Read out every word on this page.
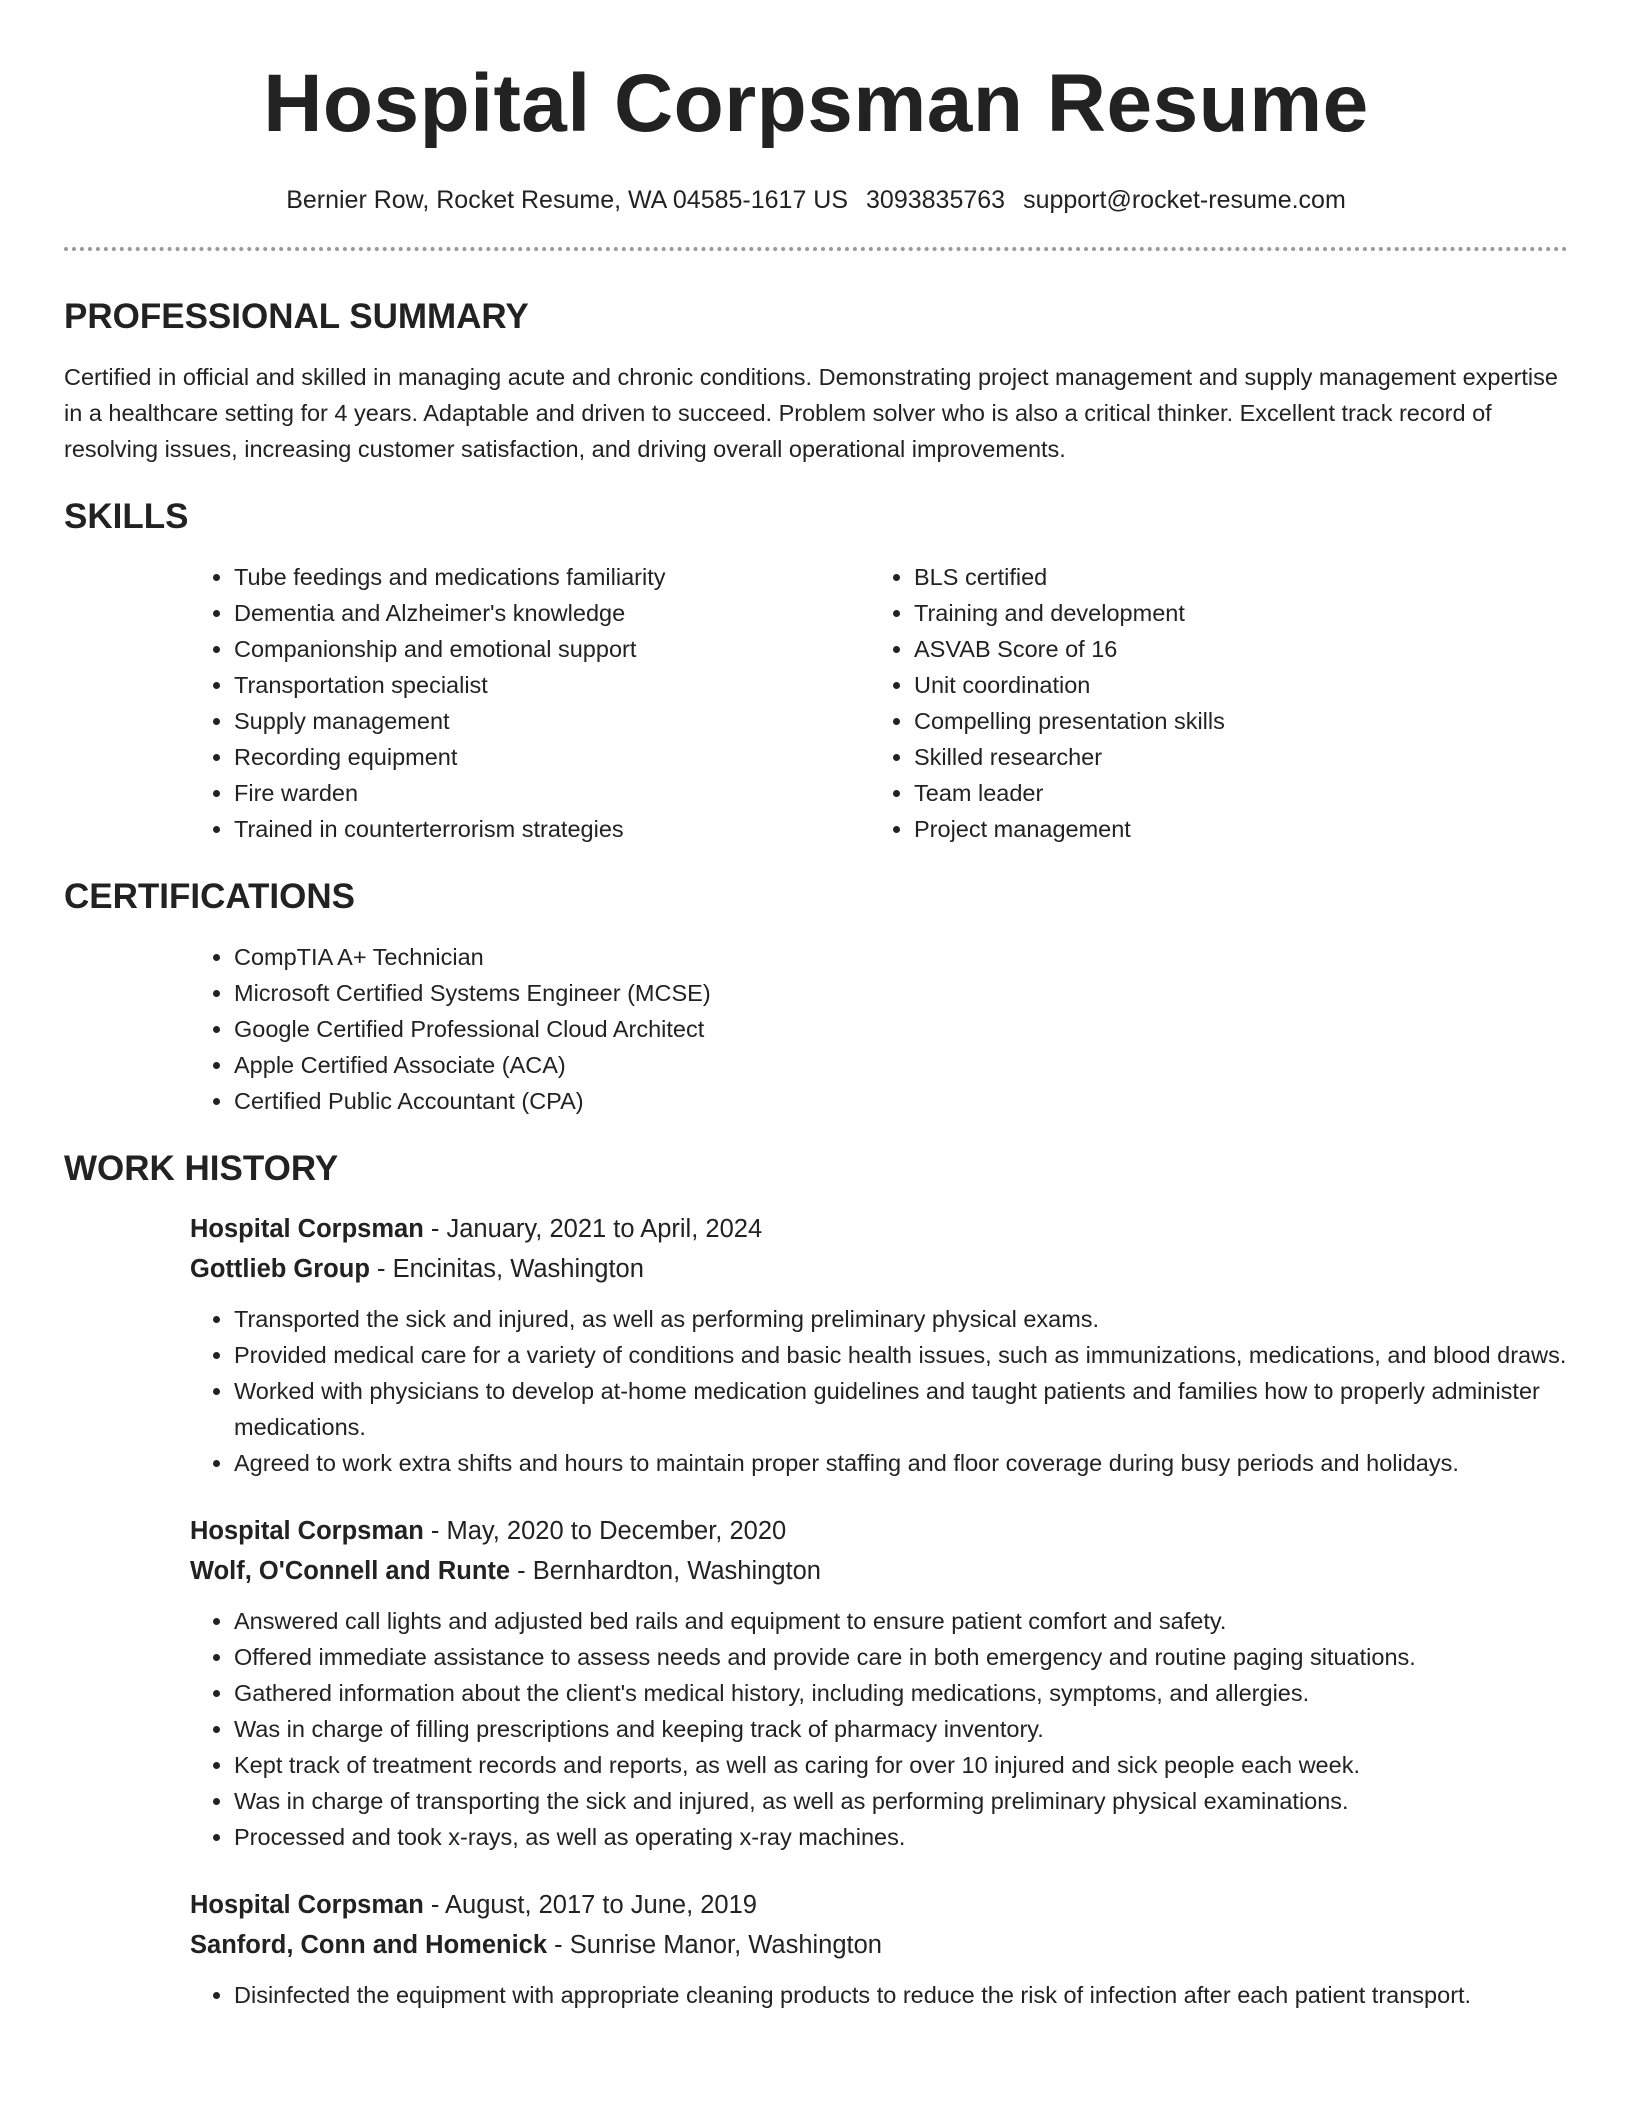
Hospital Corpsman Resume
Bernier Row, Rocket Resume, WA 04585-1617 US 3093835763 support@rocket-resume.com
PROFESSIONAL SUMMARY

Certified in official and skilled in managing acute and chronic conditions. Demonstrating project management and supply management expertise in a healthcare setting for 4 years. Adaptable and driven to succeed. Problem solver who is also a critical thinker. Excellent track record of resolving issues, increasing customer satisfaction, and driving overall operational improvements.

SKILLS
• Tube feedings and medications familiarity
• Dementia and Alzheimer's knowledge
• Companionship and emotional support
• Transportation specialist
• Supply management
• Recording equipment
• Fire warden
• Trained in counterterrorism strategies
• BLS certified
• Training and development
• ASVAB Score of 16
• Unit coordination
• Compelling presentation skills
• Skilled researcher
• Team leader
• Project management
CERTIFICATIONS
• CompTIA A+ Technician
• Microsoft Certified Systems Engineer (MCSE)
• Google Certified Professional Cloud Architect
• Apple Certified Associate (ACA)
• Certified Public Accountant (CPA)
WORK HISTORY
Hospital Corpsman - January, 2021 to April, 2024
Gottlieb Group - Encinitas, Washington
• Transported the sick and injured, as well as performing preliminary physical exams.
• Provided medical care for a variety of conditions and basic health issues, such as immunizations, medications, and blood draws.
• Worked with physicians to develop at-home medication guidelines and taught patients and families how to properly administer medications.
• Agreed to work extra shifts and hours to maintain proper staffing and floor coverage during busy periods and holidays.
Hospital Corpsman - May, 2020 to December, 2020
Wolf, O'Connell and Runte - Bernhardton, Washington
• Answered call lights and adjusted bed rails and equipment to ensure patient comfort and safety.
• Offered immediate assistance to assess needs and provide care in both emergency and routine paging situations.
• Gathered information about the client's medical history, including medications, symptoms, and allergies.
• Was in charge of filling prescriptions and keeping track of pharmacy inventory.
• Kept track of treatment records and reports, as well as caring for over 10 injured and sick people each week.
• Was in charge of transporting the sick and injured, as well as performing preliminary physical examinations.
• Processed and took x-rays, as well as operating x-ray machines.
Hospital Corpsman - August, 2017 to June, 2019
Sanford, Conn and Homenick - Sunrise Manor, Washington
• Disinfected the equipment with appropriate cleaning products to reduce the risk of infection after each patient transport.
